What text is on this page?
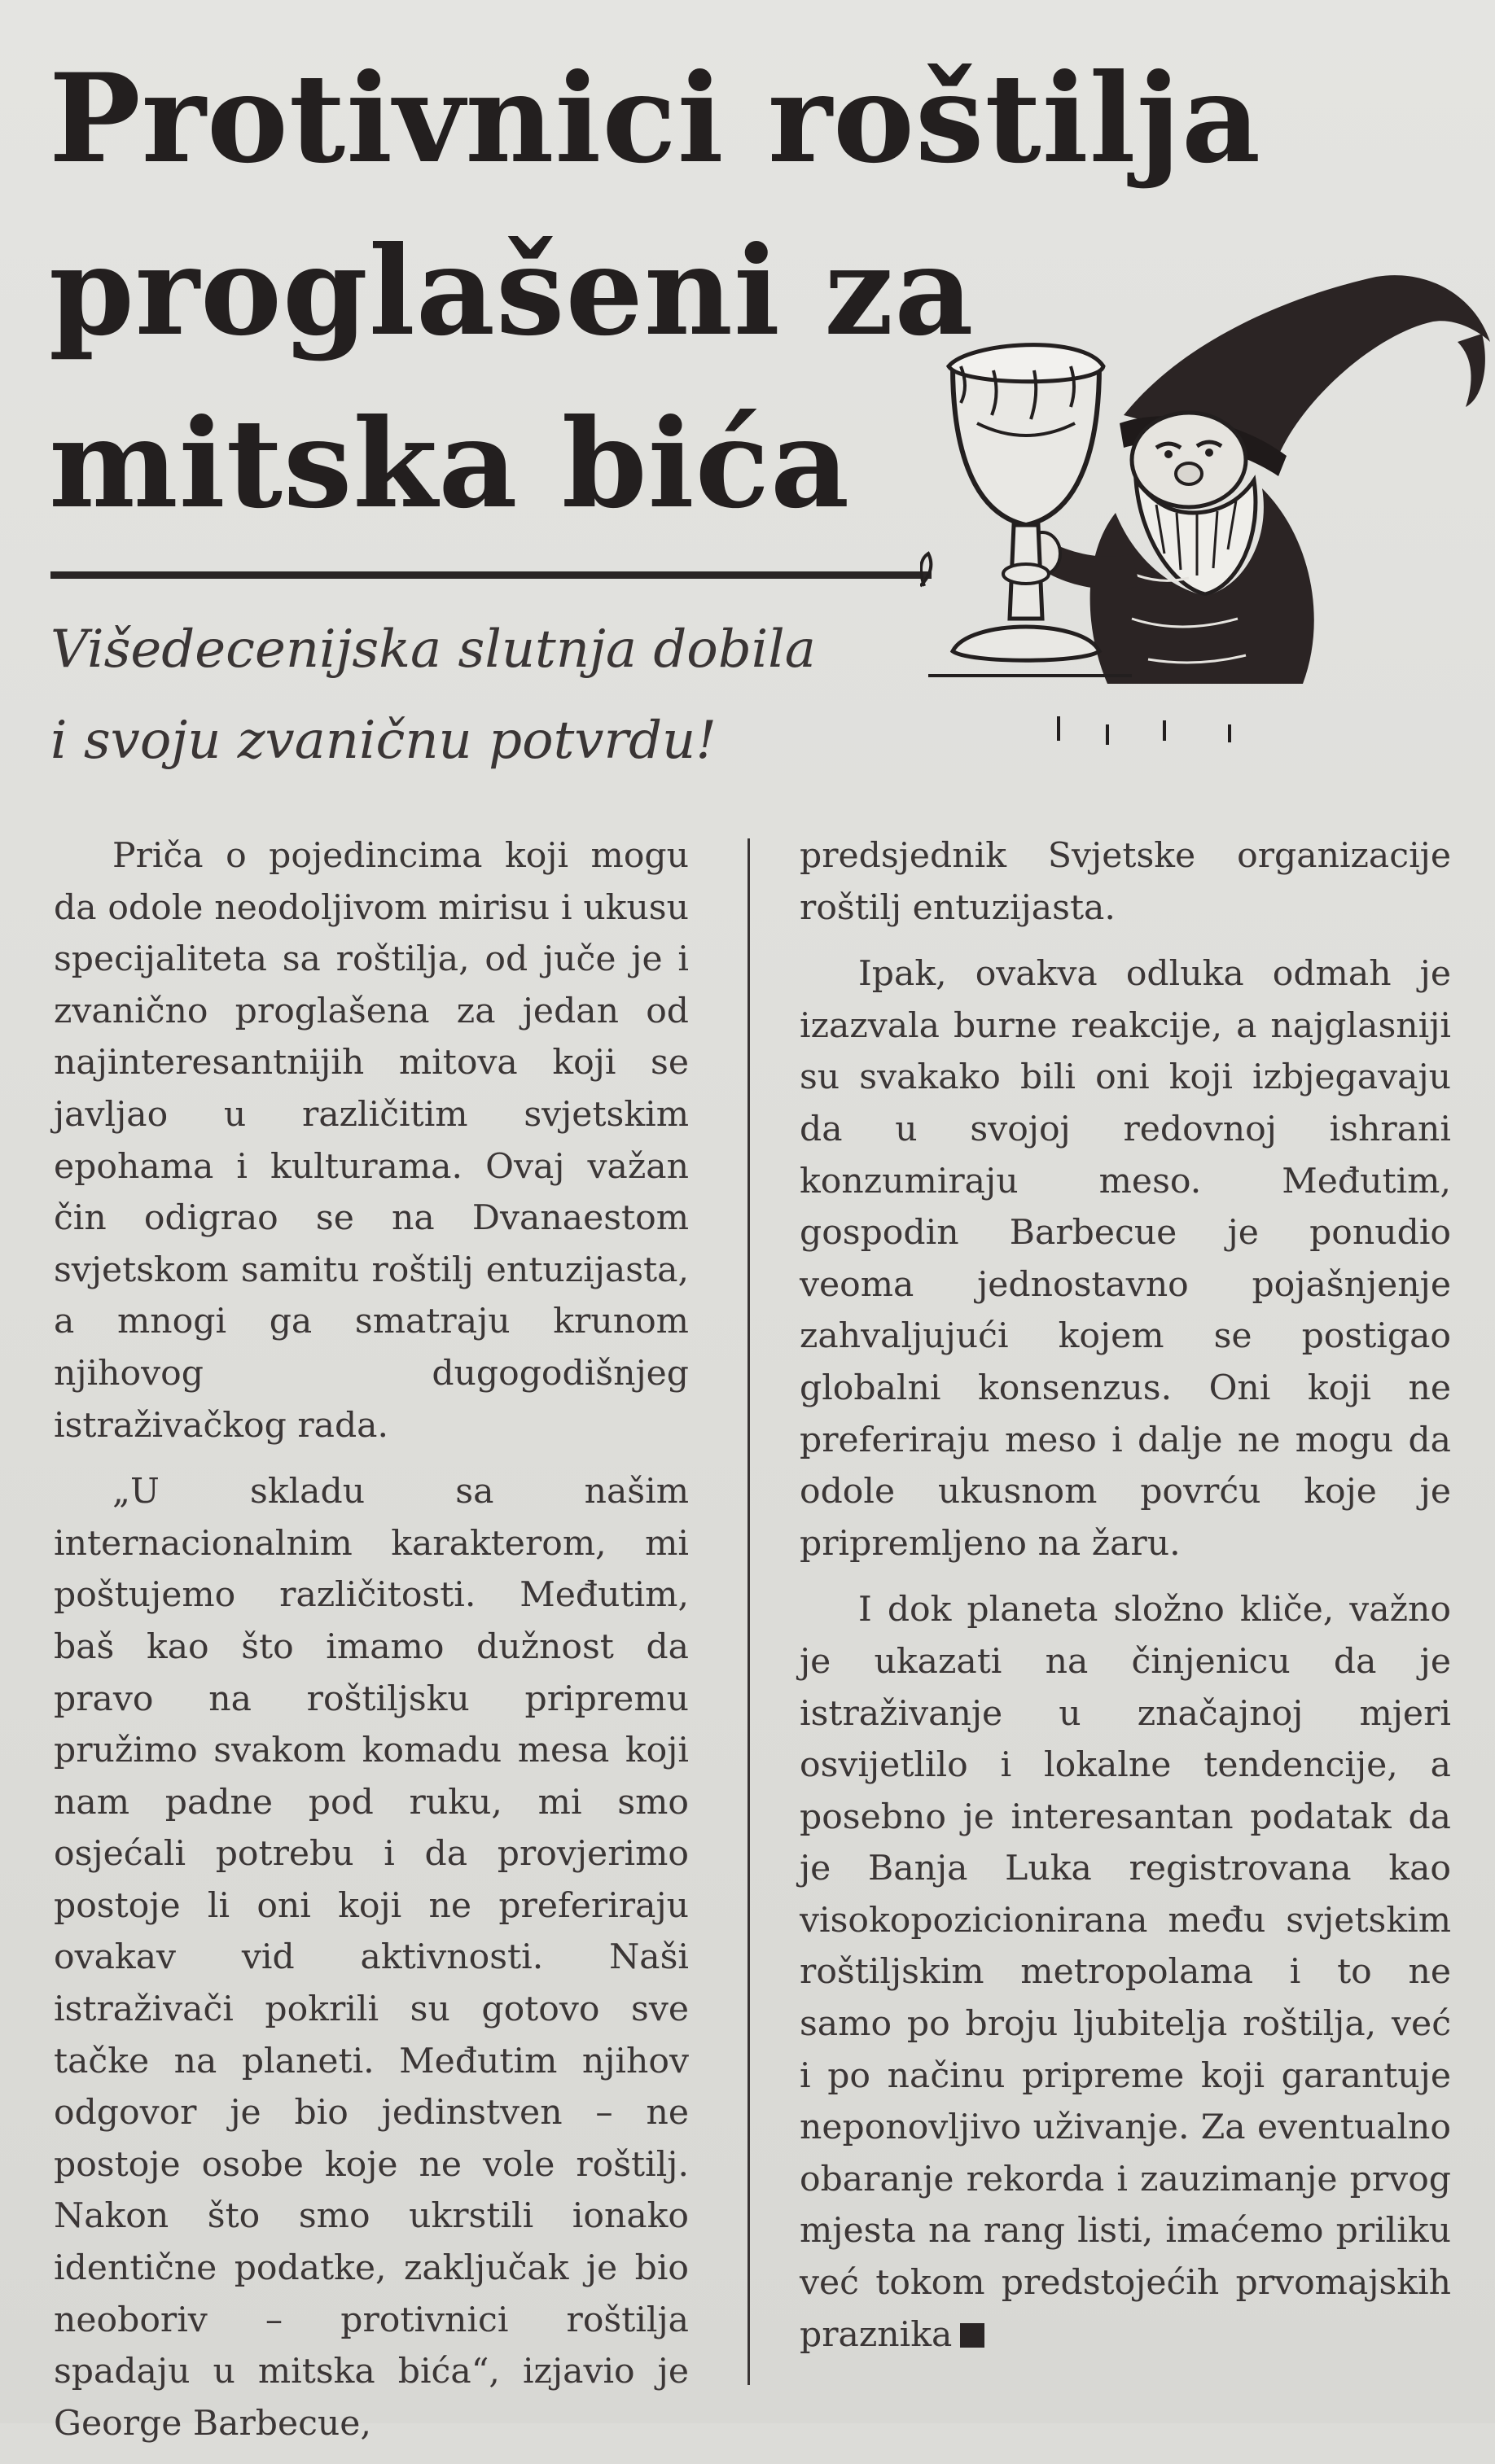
Protivnici roštilja
proglašeni za
mitska bića
Višedecenijska slutnja dobila
i svoju zvaničnu potvrdu!

Priča o pojedincima koji mogu da odole neodoljivom mirisu i ukusu specijaliteta sa roštilja, od juče je i zvanično proglašena za jedan od najinteresantnijih mitova koji se javljao u različitim svjetskim epohama i kulturama. Ovaj važan čin odigrao se na Dvanaestom svjetskom samitu roštilj entuzijasta, a mnogi ga smatraju krunom njihovog dugogodišnjeg istraživačkog rada.

„U skladu sa našim internacionalnim karakterom, mi poštujemo različitosti. Međutim, baš kao što imamo dužnost da pravo na roštiljsku pripremu pružimo svakom komadu mesa koji nam padne pod ruku, mi smo osjećali potrebu i da provjerimo postoje li oni koji ne preferiraju ovakav vid aktivnosti. Naši istraživači pokrili su gotovo sve tačke na planeti. Međutim njihov odgovor je bio jedinstven – ne postoje osobe koje ne vole roštilj. Nakon što smo ukrstili ionako identične podatke, zaključak je bio neoboriv – protivnici roštilja spadaju u mitska bića“, izjavio je George Barbecue,

predsjednik Svjetske organizacije roštilj entuzijasta.

Ipak, ovakva odluka odmah je izazvala burne reakcije, a najglasniji su svakako bili oni koji izbjegavaju da u svojoj redovnoj ishrani konzumiraju meso. Međutim, gospodin Barbecue je ponudio veoma jednostavno pojašnjenje zahvaljujući kojem se postigao globalni konsenzus. Oni koji ne preferiraju meso i dalje ne mogu da odole ukusnom povrću koje je pripremljeno na žaru.

I dok planeta složno kliče, važno je ukazati na činjenicu da je istraživanje u značajnoj mjeri osvijetlilo i lokalne tendencije, a posebno je interesantan podatak da je Banja Luka registrovana kao visokopozicionirana među svjetskim roštiljskim metropolama i to ne samo po broju ljubitelja roštilja, već i po načinu pripreme koji garantuje neponovljivo uživanje. Za eventualno obaranje rekorda i zauzimanje prvog mjesta na rang listi, imaćemo priliku već tokom predstojećih prvomajskih praznika
